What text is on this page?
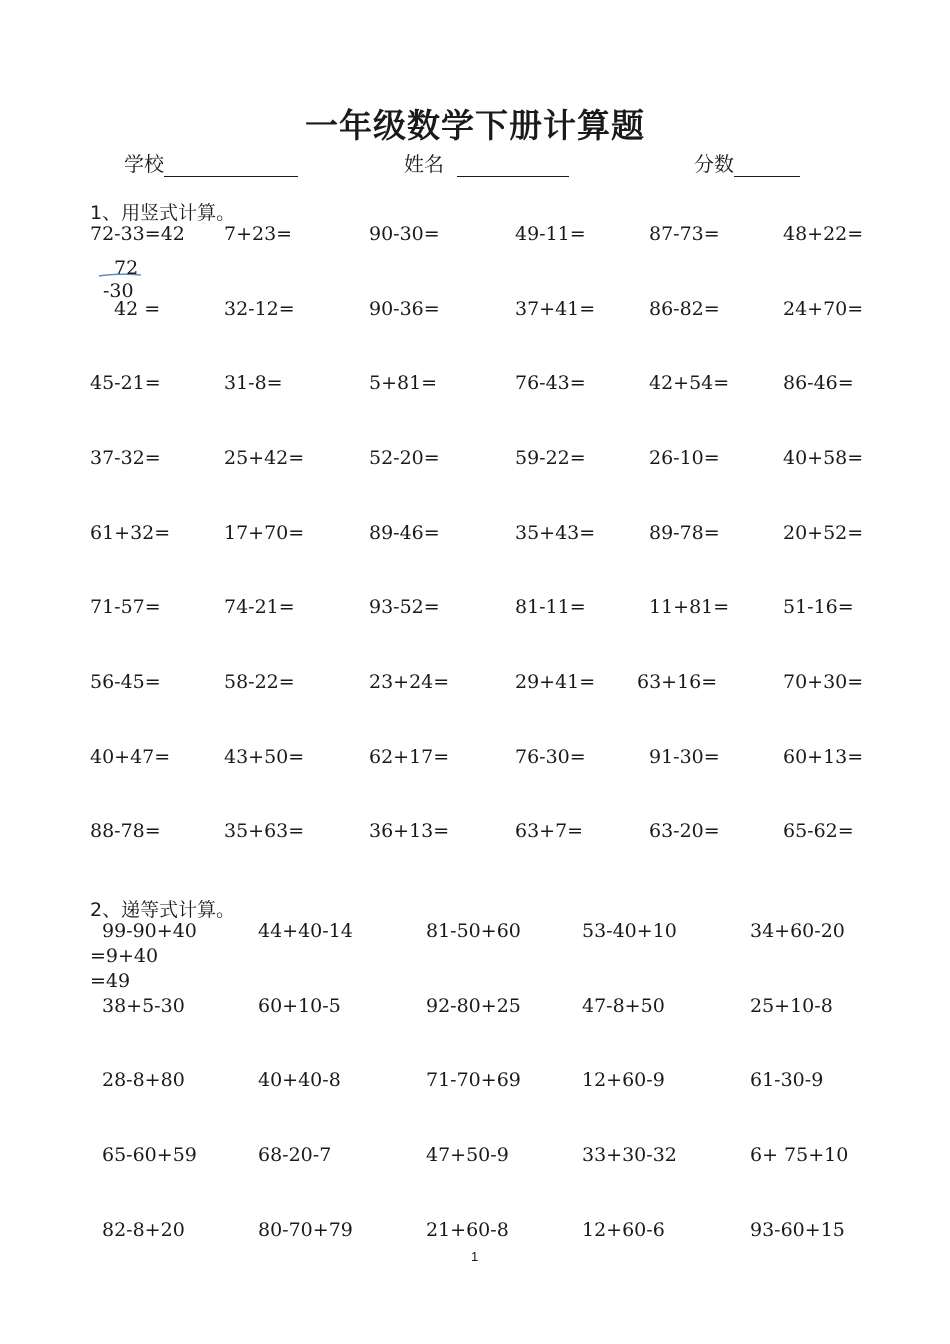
一年级数学下册计算题
学校	姓名	分数
1、用竖式计算。
72-33=42 7+23=	90-30=	49-11=	87-73=	48+22=
42 =	32-12=	90-36=	37+41=	86-82=	24+70=
45-21=	31-8=	5+81=	76-43=	42+54=	86-46=
37-32=	25+42=	52-20=	59-22=	26-10=	40+58=
61+32=	17+70=	89-46=	35+43=	89-78=	20+52=
71-57=	74-21=	93-52=	81-11=	11+81=	51-16=
56-45=	58-22=	23+24=	29+41= 63+16=	70+30=
40+47=	43+50=	62+17=	76-30=	91-30=	60+13=
88-78=	35+63=	36+13=	63+7=	63-20=	65-62=
72
-30
2、递等式计算。
99-90+40	44+40-14	81-50+60	53-40+10	34+60-20
38+5-30	60+10-5	92-80+25	47-8+50	25+10-8
28-8+80	40+40-8	71-70+69	12+60-9	61-30-9
65-60+59	68-20-7	47+50-9	33+30-32	6+ 75+10
82-8+20	80-70+79	21+60-8	12+60-6	93-60+15
=9+40
=49
1
